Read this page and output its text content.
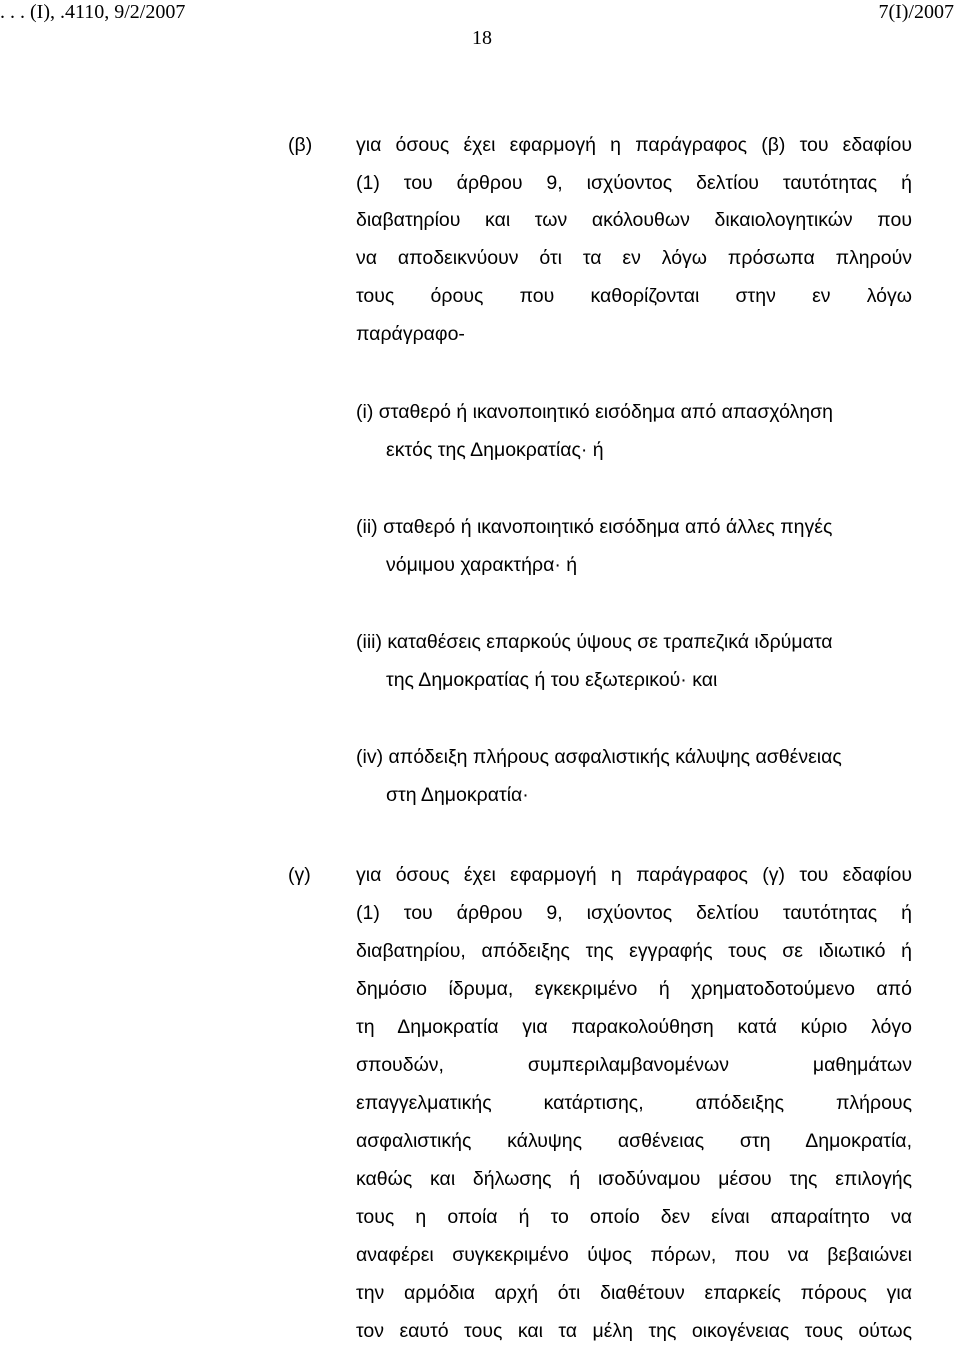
. . . (I), .4110, 9/2/2007	7(I)/2007
18
(β) για όσους έχει εφαρμογή η παράγραφος (β) του εδαφίου
(1) του άρθρου 9, ισχύοντος δελτίου ταυτότητας ή
διαβατηρίου και των ακόλουθων δικαιολογητικών που
να αποδεικνύουν ότι τα εν λόγω πρόσωπα πληρούν
τους όρους που καθορίζονται στην εν λόγω
παράγραφο-
(i) σταθερό ή ικανοποιητικό εισόδημα από απασχόληση
εκτός της Δημοκρατίας· ή
(ii) σταθερό ή ικανοποιητικό εισόδημα από άλλες πηγές
νόμιμου χαρακτήρα· ή
(iii) καταθέσεις επαρκούς ύψους σε τραπεζικά ιδρύματα
της Δημοκρατίας ή του εξωτερικού· και
(iv) απόδειξη πλήρους ασφαλιστικής κάλυψης ασθένειας
στη Δημοκρατία·
(γ) για όσους έχει εφαρμογή η παράγραφος (γ) του εδαφίου
(1) του άρθρου 9, ισχύοντος δελτίου ταυτότητας ή
διαβατηρίου, απόδειξης της εγγραφής τους σε ιδιωτικό ή
δημόσιο ίδρυμα, εγκεκριμένο ή χρηματοδοτούμενο από
τη Δημοκρατία για παρακολούθηση κατά κύριο λόγο
σπουδών, συμπεριλαμβανομένων μαθημάτων
επαγγελματικής κατάρτισης, απόδειξης πλήρους
ασφαλιστικής κάλυψης ασθένειας στη Δημοκρατία,
καθώς και δήλωσης ή ισοδύναμου μέσου της επιλογής
τους η οποία ή το οποίο δεν είναι απαραίτητο να
αναφέρει συγκεκριμένο ύψος πόρων, που να βεβαιώνει
την αρμόδια αρχή ότι διαθέτουν επαρκείς πόρους για
τον εαυτό τους και τα μέλη της οικογένειας τους ούτως
